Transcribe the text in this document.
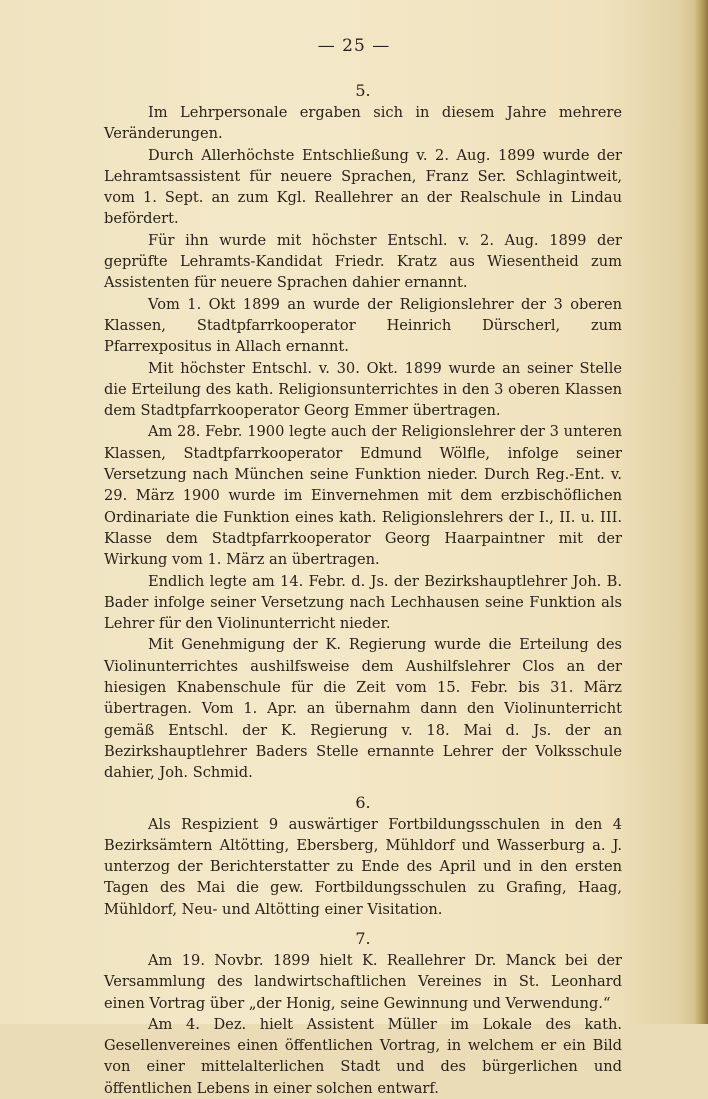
— 25 —

5.

Im Lehrpersonale ergaben sich in diesem Jahre mehrere Veränderungen.

Durch Allerhöchste Entschließung v. 2. Aug. 1899 wurde der Lehramtsassistent für neuere Sprachen, Franz Ser. Schlagintweit, vom 1. Sept. an zum Kgl. Reallehrer an der Realschule in Lindau befördert.

Für ihn wurde mit höchster Entschl. v. 2. Aug. 1899 der geprüfte Lehramts-Kandidat Friedr. Kratz aus Wiesentheid zum Assistenten für neuere Sprachen dahier ernannt.

Vom 1. Okt 1899 an wurde der Religionslehrer der 3 oberen Klassen, Stadtpfarrkooperator Heinrich Dürscherl, zum Pfarrexpositus in Allach ernannt.

Mit höchster Entschl. v. 30. Okt. 1899 wurde an seiner Stelle die Erteilung des kath. Religionsunterrichtes in den 3 oberen Klassen dem Stadtpfarrkooperator Georg Emmer übertragen.

Am 28. Febr. 1900 legte auch der Religionslehrer der 3 unteren Klassen, Stadtpfarrkooperator Edmund Wölfle, infolge seiner Versetzung nach München seine Funktion nieder. Durch Reg.-Ent. v. 29. März 1900 wurde im Einvernehmen mit dem erzbischöflichen Ordinariate die Funktion eines kath. Religionslehrers der I., II. u. III. Klasse dem Stadtpfarrkooperator Georg Haarpaintner mit der Wirkung vom 1. März an übertragen.

Endlich legte am 14. Febr. d. Js. der Bezirkshauptlehrer Joh. B. Bader infolge seiner Versetzung nach Lechhausen seine Funktion als Lehrer für den Violinunterricht nieder.

Mit Genehmigung der K. Regierung wurde die Erteilung des Violinunterrichtes aushilfsweise dem Aushilfslehrer Clos an der hiesigen Knabenschule für die Zeit vom 15. Febr. bis 31. März übertragen. Vom 1. Apr. an übernahm dann den Violinunterricht gemäß Entschl. der K. Regierung v. 18. Mai d. Js. der an Bezirkshauptlehrer Baders Stelle ernannte Lehrer der Volksschule dahier, Joh. Schmid.

6.

Als Respizient 9 auswärtiger Fortbildungsschulen in den 4 Bezirksämtern Altötting, Ebersberg, Mühldorf und Wasserburg a. J. unterzog der Berichterstatter zu Ende des April und in den ersten Tagen des Mai die gew. Fortbildungsschulen zu Grafing, Haag, Mühldorf, Neu- und Altötting einer Visitation.

7.

Am 19. Novbr. 1899 hielt K. Reallehrer Dr. Manck bei der Versammlung des landwirtschaftlichen Vereines in St. Leonhard einen Vortrag über „der Honig, seine Gewinnung und Verwendung.“

Am 4. Dez. hielt Assistent Müller im Lokale des kath. Gesellenvereines einen öffentlichen Vortrag, in welchem er ein Bild von einer mittelalterlichen Stadt und des bürgerlichen und öffentlichen Lebens in einer solchen entwarf.
